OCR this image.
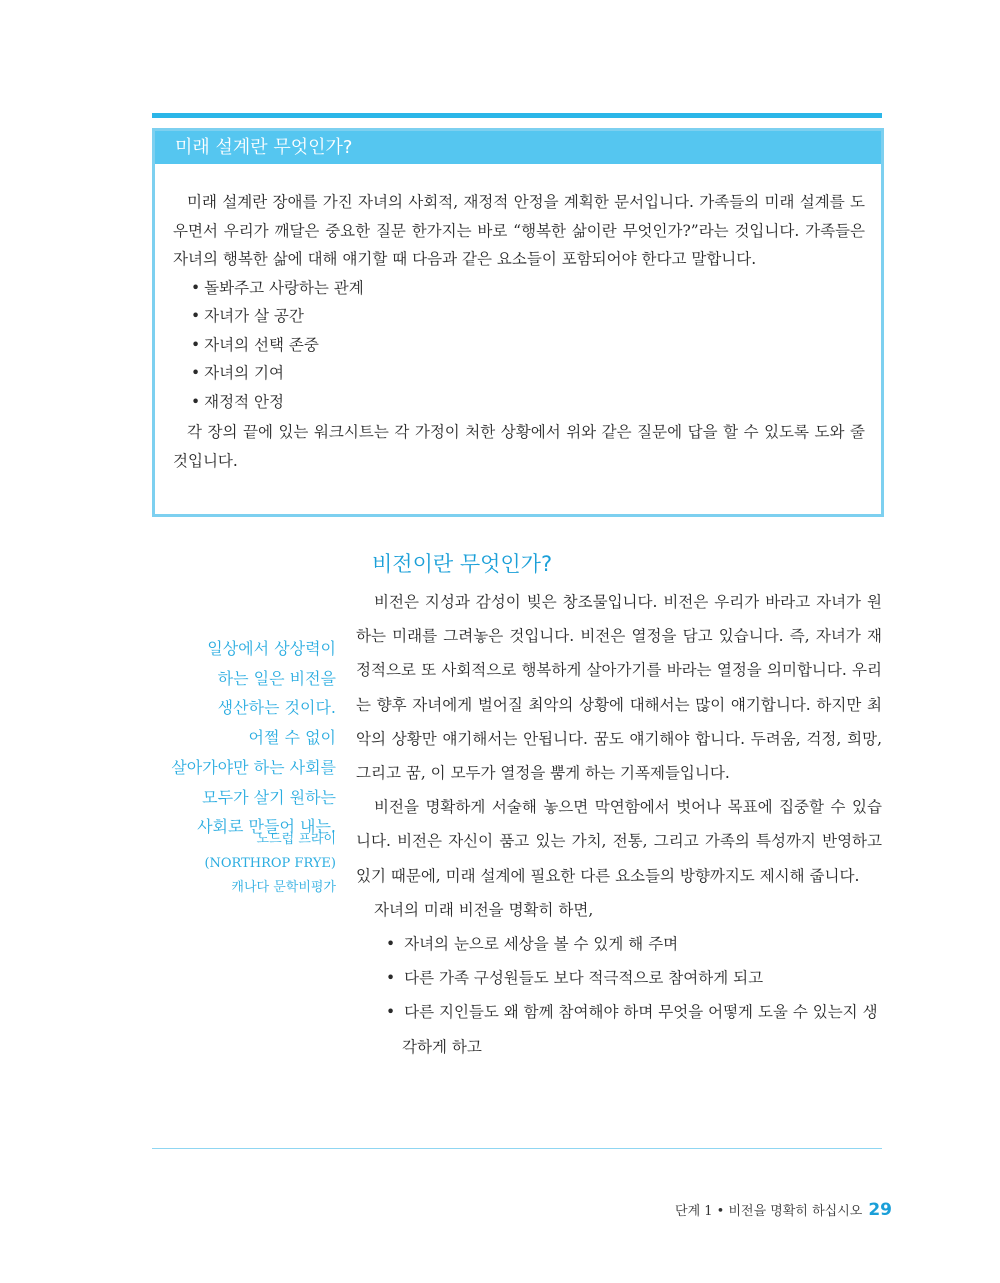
미래 설계란 무엇인가?

미래 설계란 장애를 가진 자녀의 사회적, 재정적 안정을 계획한 문서입니다. 가족들의 미래 설계를 도우면서 우리가 깨달은 중요한 질문 한가지는 바로 “행복한 삶이란 무엇인가?”라는 것입니다. 가족들은 자녀의 행복한 삶에 대해 얘기할 때 다음과 같은 요소들이 포함되어야 한다고 말합니다.

• 돌봐주고 사랑하는 관계
• 자녀가 살 공간
• 자녀의 선택 존중
• 자녀의 기여
• 재정적 안정

각 장의 끝에 있는 워크시트는 각 가정이 처한 상황에서 위와 같은 질문에 답을 할 수 있도록 도와 줄 것입니다.

비전이란 무엇인가?
일상에서 상상력이
하는 일은 비전을
생산하는 것이다.
어쩔 수 없이
살아가야만 하는 사회를
모두가 살기 원하는
사회로 만들어 내는.
노드럽 프라이
(NORTHROP FRYE)
캐나다 문학비평가

비전은 지성과 감성이 빚은 창조물입니다. 비전은 우리가 바라고 자녀가 원하는 미래를 그려놓은 것입니다. 비전은 열정을 담고 있습니다. 즉, 자녀가 재정적으로 또 사회적으로 행복하게 살아가기를 바라는 열정을 의미합니다. 우리는 향후 자녀에게 벌어질 최악의 상황에 대해서는 많이 얘기합니다. 하지만 최악의 상황만 얘기해서는 안됩니다. 꿈도 얘기해야 합니다. 두려움, 걱정, 희망, 그리고 꿈, 이 모두가 열정을 뿜게 하는 기폭제들입니다.

비전을 명확하게 서술해 놓으면 막연함에서 벗어나 목표에 집중할 수 있습니다. 비전은 자신이 품고 있는 가치, 전통, 그리고 가족의 특성까지 반영하고 있기 때문에, 미래 설계에 필요한 다른 요소들의 방향까지도 제시해 줍니다.

자녀의 미래 비전을 명확히 하면,

• 자녀의 눈으로 세상을 볼 수 있게 해 주며
• 다른 가족 구성원들도 보다 적극적으로 참여하게 되고
• 다른 지인들도 왜 함께 참여해야 하며 무엇을 어떻게 도울 수 있는지 생각하게 하고
단계 1 • 비전을 명확히 하십시오 29
